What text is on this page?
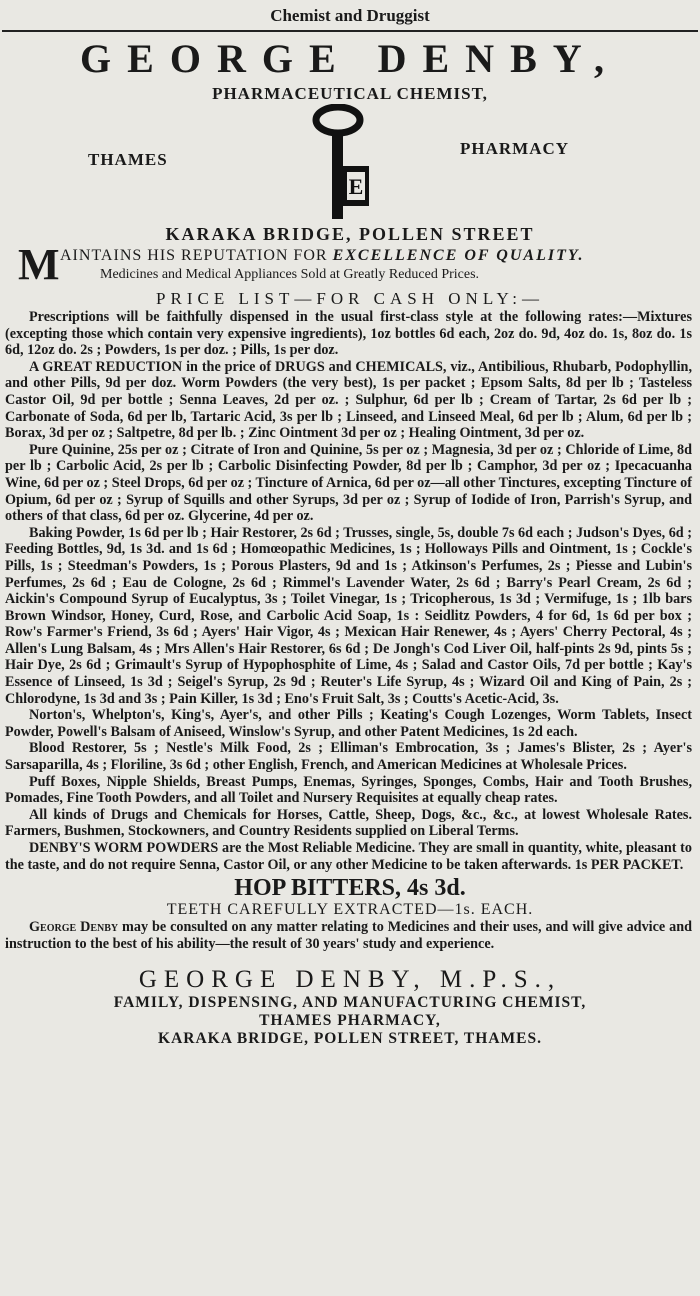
Chemist and Druggist
GEORGE DENBY,
PHARMACEUTICAL CHEMIST,
THAMES
E
PHARMACY
KARAKA BRIDGE, POLLEN STREET
M AINTAINS HIS REPUTATION FOR EXCELLENCE OF QUALITY.
Medicines and Medical Appliances Sold at Greatly Reduced Prices.
PRICE LIST—FOR CASH ONLY:—

Prescriptions will be faithfully dispensed in the usual first-class style at the following rates:—Mixtures (excepting those which contain very expensive ingredients), 1oz bottles 6d each, 2oz do. 9d, 4oz do. 1s, 8oz do. 1s 6d, 12oz do. 2s ; Powders, 1s per doz. ; Pills, 1s per doz.

A GREAT REDUCTION in the price of DRUGS and CHEMICALS, viz., Antibilious, Rhubarb, Podophyllin, and other Pills, 9d per doz. Worm Powders (the very best), 1s per packet ; Epsom Salts, 8d per lb ; Tasteless Castor Oil, 9d per bottle ; Senna Leaves, 2d per oz. ; Sulphur, 6d per lb ; Cream of Tartar, 2s 6d per lb ; Carbonate of Soda, 6d per lb, Tartaric Acid, 3s per lb ; Linseed, and Linseed Meal, 6d per lb ; Alum, 6d per lb ; Borax, 3d per oz ; Saltpetre, 8d per lb. ; Zinc Ointment 3d per oz ; Healing Ointment, 3d per oz.

Pure Quinine, 25s per oz ; Citrate of Iron and Quinine, 5s per oz ; Magnesia, 3d per oz ; Chloride of Lime, 8d per lb ; Carbolic Acid, 2s per lb ; Carbolic Disinfecting Powder, 8d per lb ; Camphor, 3d per oz ; Ipecacuanha Wine, 6d per oz ; Steel Drops, 6d per oz ; Tincture of Arnica, 6d per oz—all other Tinctures, excepting Tincture of Opium, 6d per oz ; Syrup of Squills and other Syrups, 3d per oz ; Syrup of Iodide of Iron, Parrish's Syrup, and others of that class, 6d per oz. Glycerine, 4d per oz.

Baking Powder, 1s 6d per lb ; Hair Restorer, 2s 6d ; Trusses, single, 5s, double 7s 6d each ; Judson's Dyes, 6d ; Feeding Bottles, 9d, 1s 3d. and 1s 6d ; Homœopathic Medicines, 1s ; Holloways Pills and Ointment, 1s ; Cockle's Pills, 1s ; Steedman's Powders, 1s ; Porous Plasters, 9d and 1s ; Atkinson's Perfumes, 2s ; Piesse and Lubin's Perfumes, 2s 6d ; Eau de Cologne, 2s 6d ; Rimmel's Lavender Water, 2s 6d ; Barry's Pearl Cream, 2s 6d ; Aickin's Compound Syrup of Eucalyptus, 3s ; Toilet Vinegar, 1s ; Tricopherous, 1s 3d ; Vermifuge, 1s ; 1lb bars Brown Windsor, Honey, Curd, Rose, and Carbolic Acid Soap, 1s : Seidlitz Powders, 4 for 6d, 1s 6d per box ; Row's Farmer's Friend, 3s 6d ; Ayers' Hair Vigor, 4s ; Mexican Hair Renewer, 4s ; Ayers' Cherry Pectoral, 4s ; Allen's Lung Balsam, 4s ; Mrs Allen's Hair Restorer, 6s 6d ; De Jongh's Cod Liver Oil, half-pints 2s 9d, pints 5s ; Hair Dye, 2s 6d ; Grimault's Syrup of Hypophosphite of Lime, 4s ; Salad and Castor Oils, 7d per bottle ; Kay's Essence of Linseed, 1s 3d ; Seigel's Syrup, 2s 9d ; Reuter's Life Syrup, 4s ; Wizard Oil and King of Pain, 2s ; Chlorodyne, 1s 3d and 3s ; Pain Killer, 1s 3d ; Eno's Fruit Salt, 3s ; Coutts's Acetic-Acid, 3s.

Norton's, Whelpton's, King's, Ayer's, and other Pills ; Keating's Cough Lozenges, Worm Tablets, Insect Powder, Powell's Balsam of Aniseed, Winslow's Syrup, and other Patent Medicines, 1s 2d each.

Blood Restorer, 5s ; Nestle's Milk Food, 2s ; Elliman's Embrocation, 3s ; James's Blister, 2s ; Ayer's Sarsaparilla, 4s ; Floriline, 3s 6d ; other English, French, and American Medicines at Wholesale Prices.

Puff Boxes, Nipple Shields, Breast Pumps, Enemas, Syringes, Sponges, Combs, Hair and Tooth Brushes, Pomades, Fine Tooth Powders, and all Toilet and Nursery Requisites at equally cheap rates.

All kinds of Drugs and Chemicals for Horses, Cattle, Sheep, Dogs, &c., &c., at lowest Wholesale Rates. Farmers, Bushmen, Stockowners, and Country Residents supplied on Liberal Terms.

DENBY'S WORM POWDERS are the Most Reliable Medicine. They are small in quantity, white, pleasant to the taste, and do not require Senna, Castor Oil, or any other Medicine to be taken afterwards. 1s PER PACKET.

HOP BITTERS, 4s 3d.
TEETH CAREFULLY EXTRACTED—1s. EACH.

George Denby may be consulted on any matter relating to Medicines and their uses, and will give advice and instruction to the best of his ability—the result of 30 years' study and experience.

GEORGE DENBY, M.P.S.,
FAMILY, DISPENSING, AND MANUFACTURING CHEMIST,
THAMES PHARMACY,
KARAKA BRIDGE, POLLEN STREET, THAMES.
